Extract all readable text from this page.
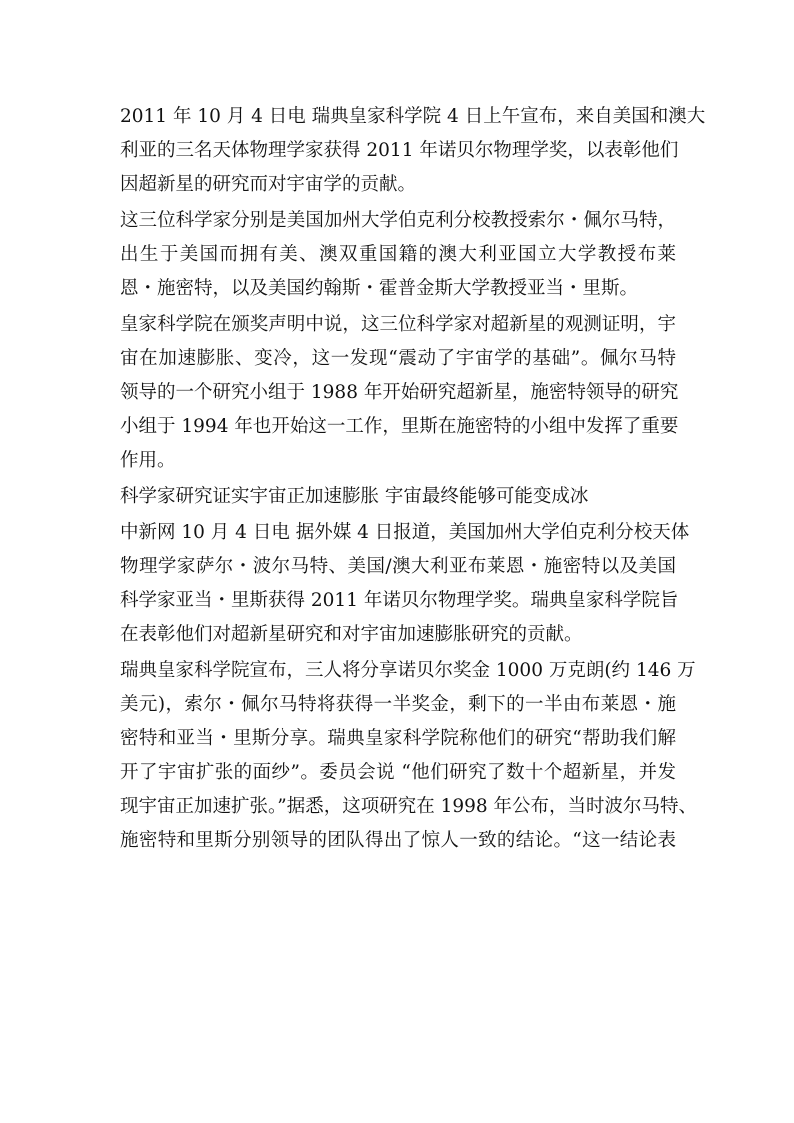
2011 年 10 月 4 日电 瑞典皇家科学院 4 日上午宣布，来自美国和澳大
利亚的三名天体物理学家获得 2011 年诺贝尔物理学奖，以表彰他们
因超新星的研究而对宇宙学的贡献。
这三位科学家分别是美国加州大学伯克利分校教授索尔・佩尔马特，
出生于美国而拥有美、澳双重国籍的澳大利亚国立大学教授布莱
恩・施密特，以及美国约翰斯・霍普金斯大学教授亚当・里斯。
皇家科学院在颁奖声明中说，这三位科学家对超新星的观测证明，宇
宙在加速膨胀、变冷，这一发现“震动了宇宙学的基础”。佩尔马特
领导的一个研究小组于 1988 年开始研究超新星，施密特领导的研究
小组于 1994 年也开始这一工作，里斯在施密特的小组中发挥了重要
作用。
科学家研究证实宇宙正加速膨胀 宇宙最终能够可能变成冰
中新网 10 月 4 日电 据外媒 4 日报道，美国加州大学伯克利分校天体
物理学家萨尔・波尔马特、美国/澳大利亚布莱恩・施密特以及美国
科学家亚当・里斯获得 2011 年诺贝尔物理学奖。瑞典皇家科学院旨
在表彰他们对超新星研究和对宇宙加速膨胀研究的贡献。
瑞典皇家科学院宣布，三人将分享诺贝尔奖金 1000 万克朗(约 146 万
美元)，索尔・佩尔马特将获得一半奖金，剩下的一半由布莱恩・施
密特和亚当・里斯分享。瑞典皇家科学院称他们的研究“帮助我们解
开了宇宙扩张的面纱”。委员会说 “他们研究了数十个超新星，并发
现宇宙正加速扩张。”据悉，这项研究在 1998 年公布，当时波尔马特、
施密特和里斯分别领导的团队得出了惊人一致的结论。“这一结论表
